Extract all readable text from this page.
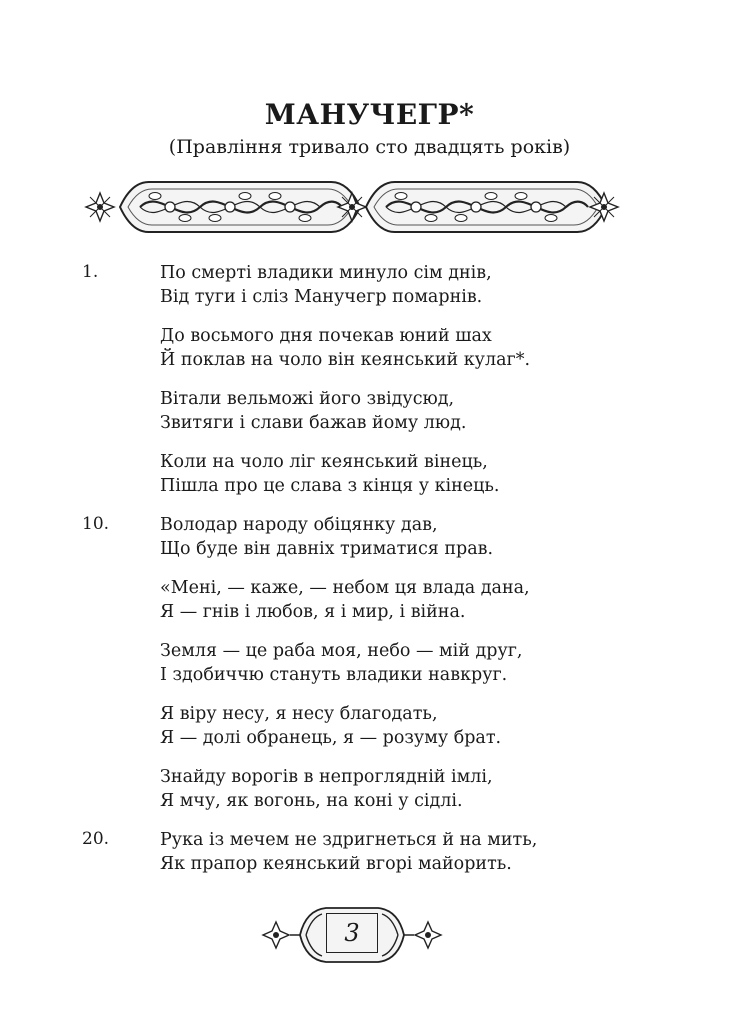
МАНУЧЕГР*
(Правління тривало сто двадцять років)
1.	По смерті владики минуло сім днів,
Від туги і сліз Манучегр помарнів.
До восьмого дня почекав юний шах
Й поклав на чоло він кеянський кулаг*.
Вітали вельможі його звідусюд,
Звитяги і слави бажав йому люд.
Коли на чоло ліг кеянський вінець,
Пішла про це слава з кінця у кінець.
10.	Володар народу обіцянку дав,
Що буде він давніх триматися прав.
«Мені, — каже, — небом ця влада дана,
Я — гнів і любов, я і мир, і війна.
Земля — це раба моя, небо — мій друг,
І здобиччю стануть владики навкруг.
Я віру несу, я несу благодать,
Я — долі обранець, я — розуму брат.
Знайду ворогів в непроглядній імлі,
Я мчу, як вогонь, на коні у сідлі.
20.	Рука із мечем не здригнеться й на мить,
Як прапор кеянський вгорі майорить.
3
